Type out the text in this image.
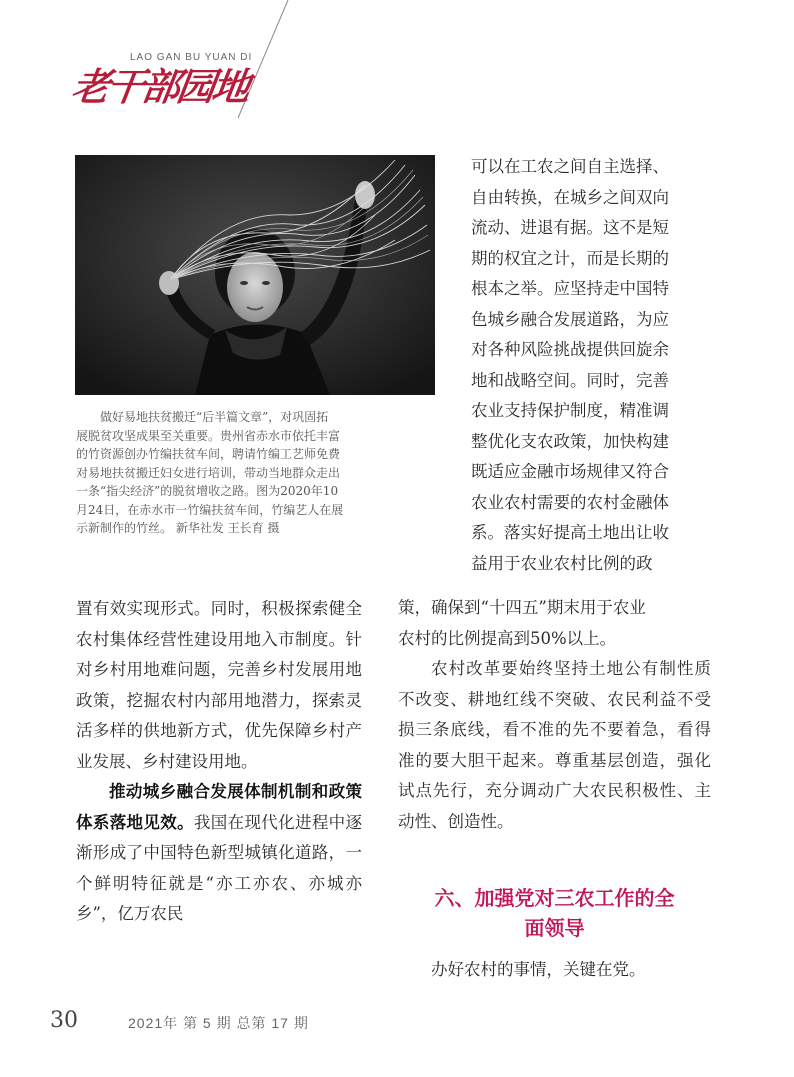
LAO GAN BU YUAN DI
老干部园地
做好易地扶贫搬迁“后半篇文章”，对巩固拓
展脱贫攻坚成果至关重要。贵州省赤水市依托丰富
的竹资源创办竹编扶贫车间，聘请竹编工艺师免费
对易地扶贫搬迁妇女进行培训，带动当地群众走出
一条“指尖经济”的脱贫增收之路。图为2020年10
月24日，在赤水市一竹编扶贫车间，竹编艺人在展
示新制作的竹丝。 新华社发 王长育 摄
可以在工农之间自主选择、
自由转换，在城乡之间双向
流动、进退有据。这不是短
期的权宜之计，而是长期的
根本之举。应坚持走中国特
色城乡融合发展道路，为应
对各种风险挑战提供回旋余
地和战略空间。同时，完善
农业支持保护制度，精准调
整优化支农政策，加快构建
既适应金融市场规律又符合
农业农村需要的农村金融体
系。落实好提高土地出让收
益用于农业农村比例的政
置有效实现形式。同时，积极探索健全农村集体经营性建设用地入市制度。针对乡村用地难问题，完善乡村发展用地政策，挖掘农村内部用地潜力，探索灵活多样的供地新方式，优先保障乡村产业发展、乡村建设用地。
推动城乡融合发展体制机制和政策体系落地见效。我国在现代化进程中逐渐形成了中国特色新型城镇化道路，一个鲜明特征就是“亦工亦农、亦城亦乡”，亿万农民
策，确保到“十四五”期末用于农业
农村的比例提高到50%以上。
农村改革要始终坚持土地公有制性质不改变、耕地红线不突破、农民利益不受损三条底线，看不准的先不要着急，看得准的要大胆干起来。尊重基层创造，强化试点先行，充分调动广大农民积极性、主动性、创造性。
六、加强党对三农工作的全
面领导
办好农村的事情，关键在党。
30	2021年 第 5 期 总第 17 期
